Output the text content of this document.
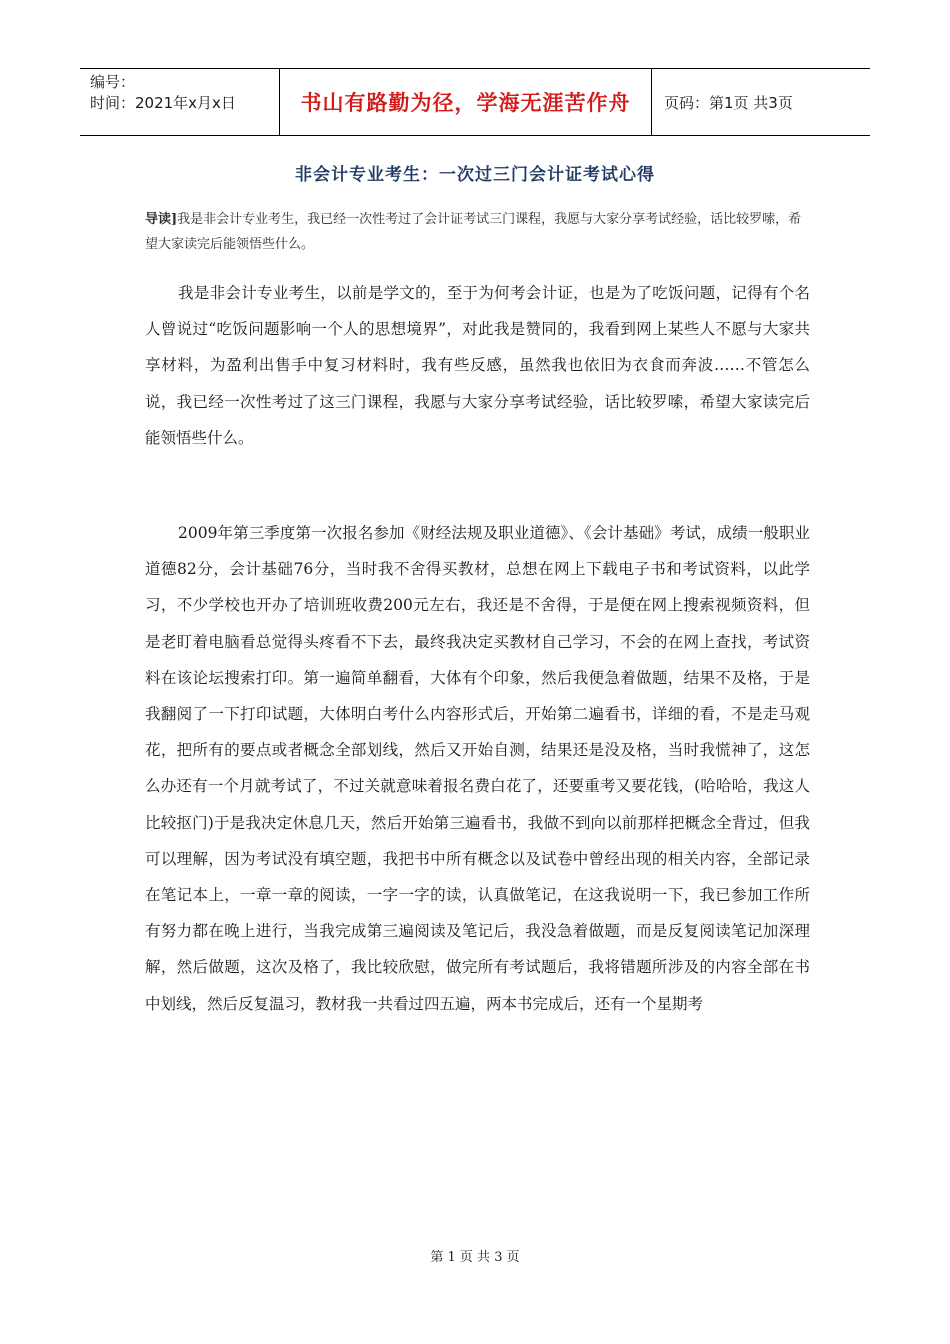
编号：
时间：2021年x月x日	书山有路勤为径，学海无涯苦作舟 页码：第1页 共3页
非会计专业考生：一次过三门会计证考试心得
导读]我是非会计专业考生，我已经一次性考过了会计证考试三门课程，我愿与大家分享考试经验，话比较罗嗦，希望大家读完后能领悟些什么。
我是非会计专业考生，以前是学文的，至于为何考会计证，也是为了吃饭问题，记得有个名人曾说过“吃饭问题影响一个人的思想境界”，对此我是赞同的，我看到网上某些人不愿与大家共享材料，为盈利出售手中复习材料时，我有些反感，虽然我也依旧为衣食而奔波……不管怎么说，我已经一次性考过了这三门课程，我愿与大家分享考试经验，话比较罗嗦，希望大家读完后能领悟些什么。
2009年第三季度第一次报名参加《财经法规及职业道德》、《会计基础》考试，成绩一般职业道德82分，会计基础76分，当时我不舍得买教材，总想在网上下载电子书和考试资料，以此学习，不少学校也开办了培训班收费200元左右，我还是不舍得，于是便在网上搜索视频资料，但是老盯着电脑看总觉得头疼看不下去，最终我决定买教材自己学习，不会的在网上查找，考试资料在该论坛搜索打印。第一遍简单翻看，大体有个印象，然后我便急着做题，结果不及格，于是我翻阅了一下打印试题，大体明白考什么内容形式后，开始第二遍看书，详细的看，不是走马观花，把所有的要点或者概念全部划线，然后又开始自测，结果还是没及格，当时我慌神了，这怎么办还有一个月就考试了，不过关就意味着报名费白花了，还要重考又要花钱，(哈哈哈，我这人比较抠门)于是我决定休息几天，然后开始第三遍看书，我做不到向以前那样把概念全背过，但我可以理解，因为考试没有填空题，我把书中所有概念以及试卷中曾经出现的相关内容，全部记录在笔记本上，一章一章的阅读，一字一字的读，认真做笔记，在这我说明一下，我已参加工作所有努力都在晚上进行，当我完成第三遍阅读及笔记后，我没急着做题，而是反复阅读笔记加深理解，然后做题，这次及格了，我比较欣慰，做完所有考试题后，我将错题所涉及的内容全部在书中划线，然后反复温习，教材我一共看过四五遍，两本书完成后，还有一个星期考
第 1 页 共 3 页
